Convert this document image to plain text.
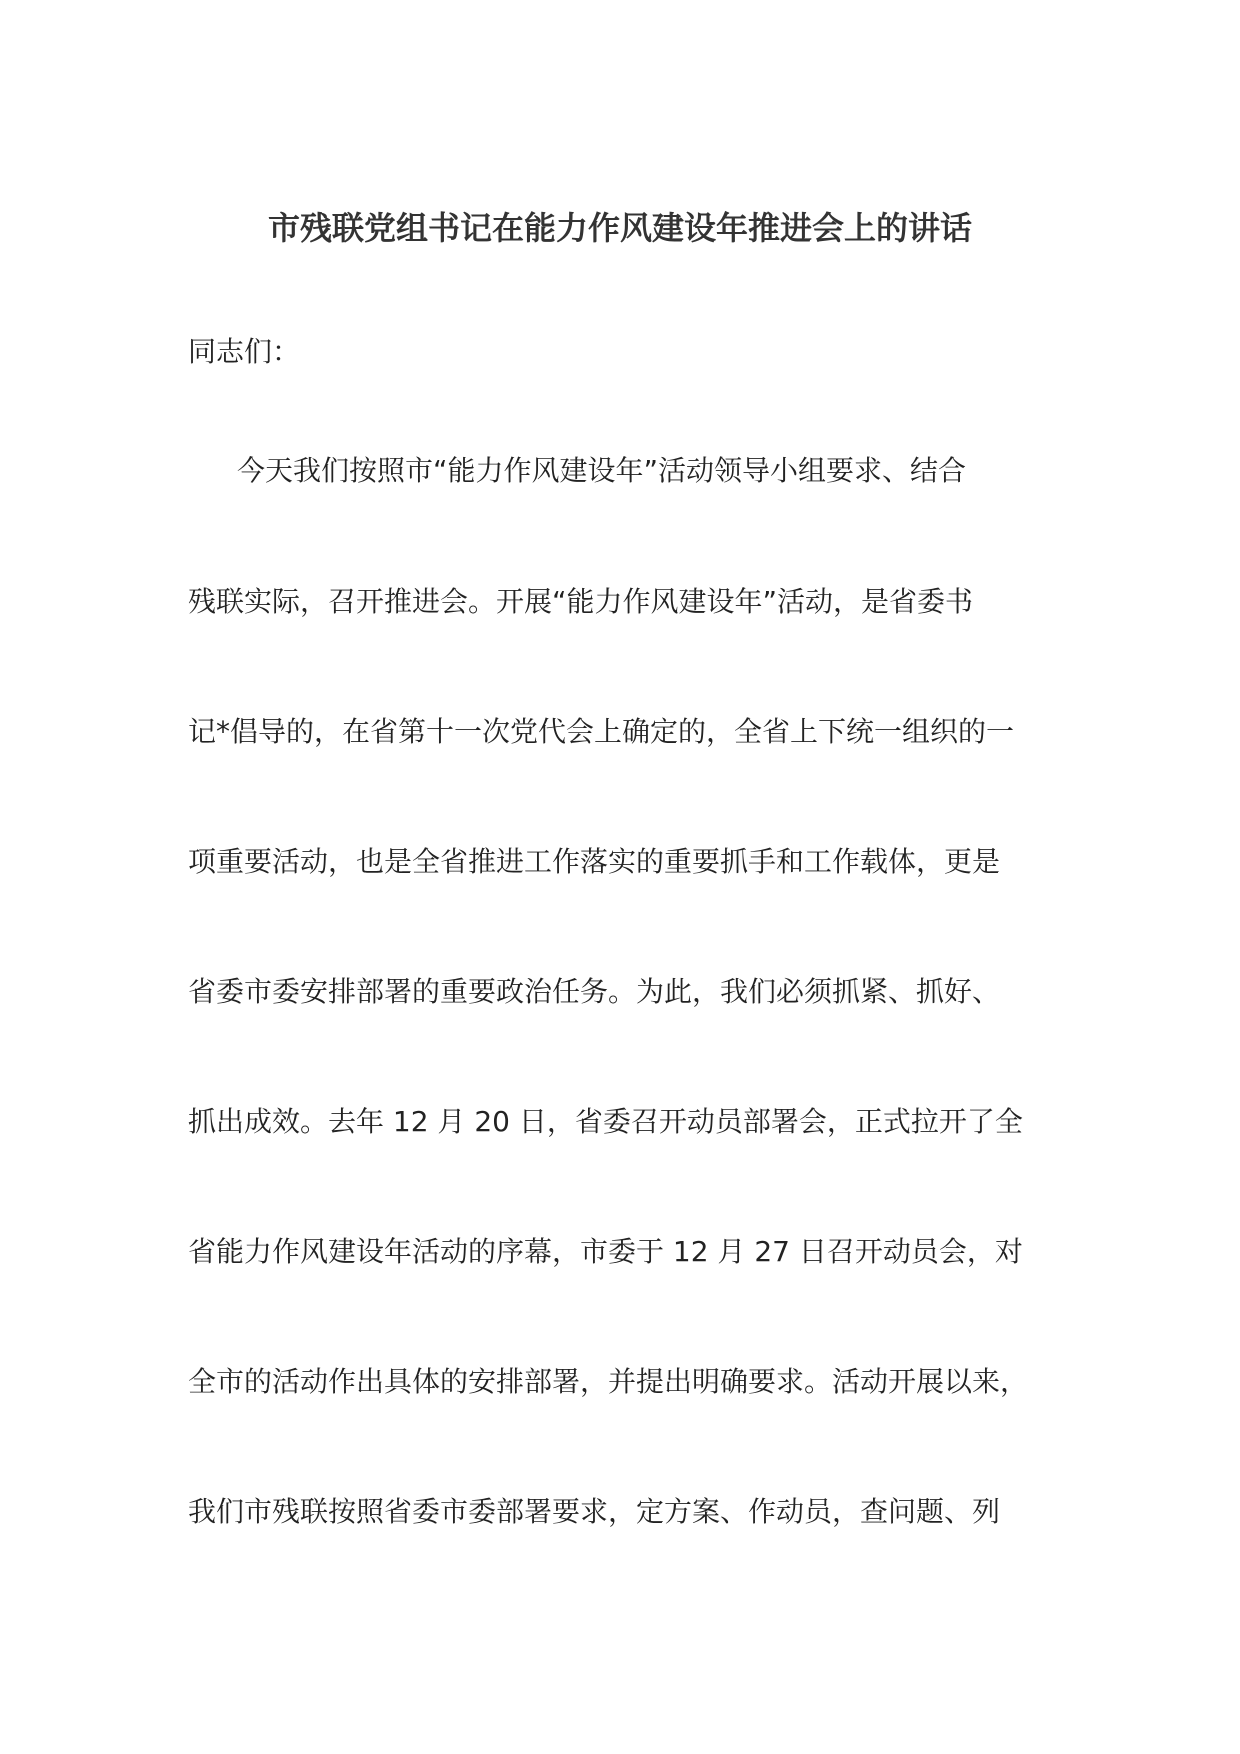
市残联党组书记在能力作风建设年推进会上的讲话
同志们：
今天我们按照市“能力作风建设年”活动领导小组要求、结合
残联实际，召开推进会。开展“能力作风建设年”活动，是省委书
记*倡导的，在省第十一次党代会上确定的，全省上下统一组织的一
项重要活动，也是全省推进工作落实的重要抓手和工作载体，更是
省委市委安排部署的重要政治任务。为此，我们必须抓紧、抓好、
抓出成效。去年 12 月 20 日，省委召开动员部署会，正式拉开了全
省能力作风建设年活动的序幕，市委于 12 月 27 日召开动员会，对
全市的活动作出具体的安排部署，并提出明确要求。活动开展以来，
我们市残联按照省委市委部署要求，定方案、作动员，查问题、列
